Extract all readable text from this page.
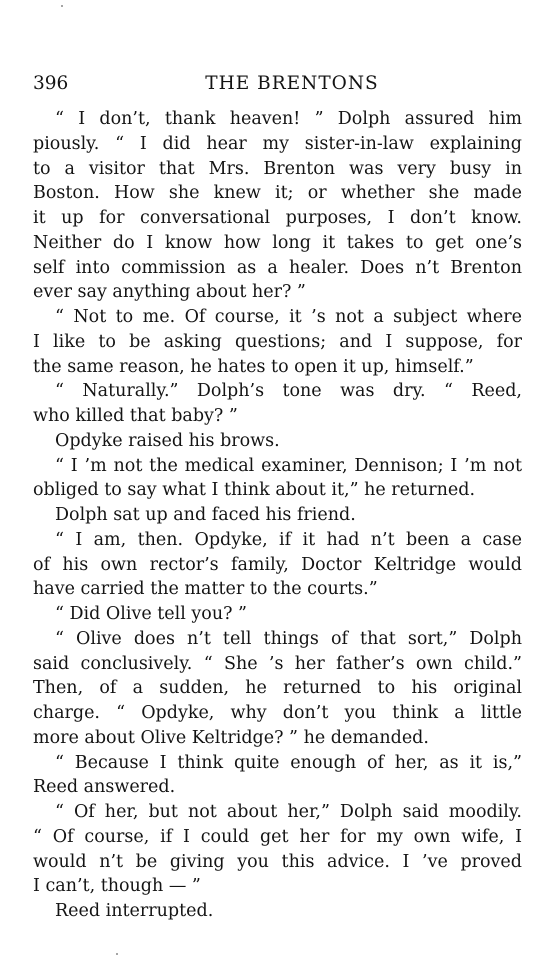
396	THE BRENTONS
“ I don’t, thank heaven! ” Dolph assured him
piously. “ I did hear my sister-in-law explaining
to a visitor that Mrs. Brenton was very busy in
Boston. How she knew it; or whether she made
it up for conversational purposes, I don’t know.
Neither do I know how long it takes to get one’s
self into commission as a healer. Does n’t Brenton
ever say anything about her? ”
“ Not to me. Of course, it ’s not a subject where
I like to be asking questions; and I suppose, for
the same reason, he hates to open it up, himself.”
“ Naturally.” Dolph’s tone was dry. “ Reed,
who killed that baby? ”
Opdyke raised his brows.
“ I ’m not the medical examiner, Dennison; I ’m not
obliged to say what I think about it,” he returned.
Dolph sat up and faced his friend.
“ I am, then. Opdyke, if it had n’t been a case
of his own rector’s family, Doctor Keltridge would
have carried the matter to the courts.”
“ Did Olive tell you? ”
“ Olive does n’t tell things of that sort,” Dolph
said conclusively. “ She ’s her father’s own child.”
Then, of a sudden, he returned to his original
charge. “ Opdyke, why don’t you think a little
more about Olive Keltridge? ” he demanded.
“ Because I think quite enough of her, as it is,”
Reed answered.
“ Of her, but not about her,” Dolph said moodily.
“ Of course, if I could get her for my own wife, I
would n’t be giving you this advice. I ’ve proved
I can’t, though — ”
Reed interrupted.
